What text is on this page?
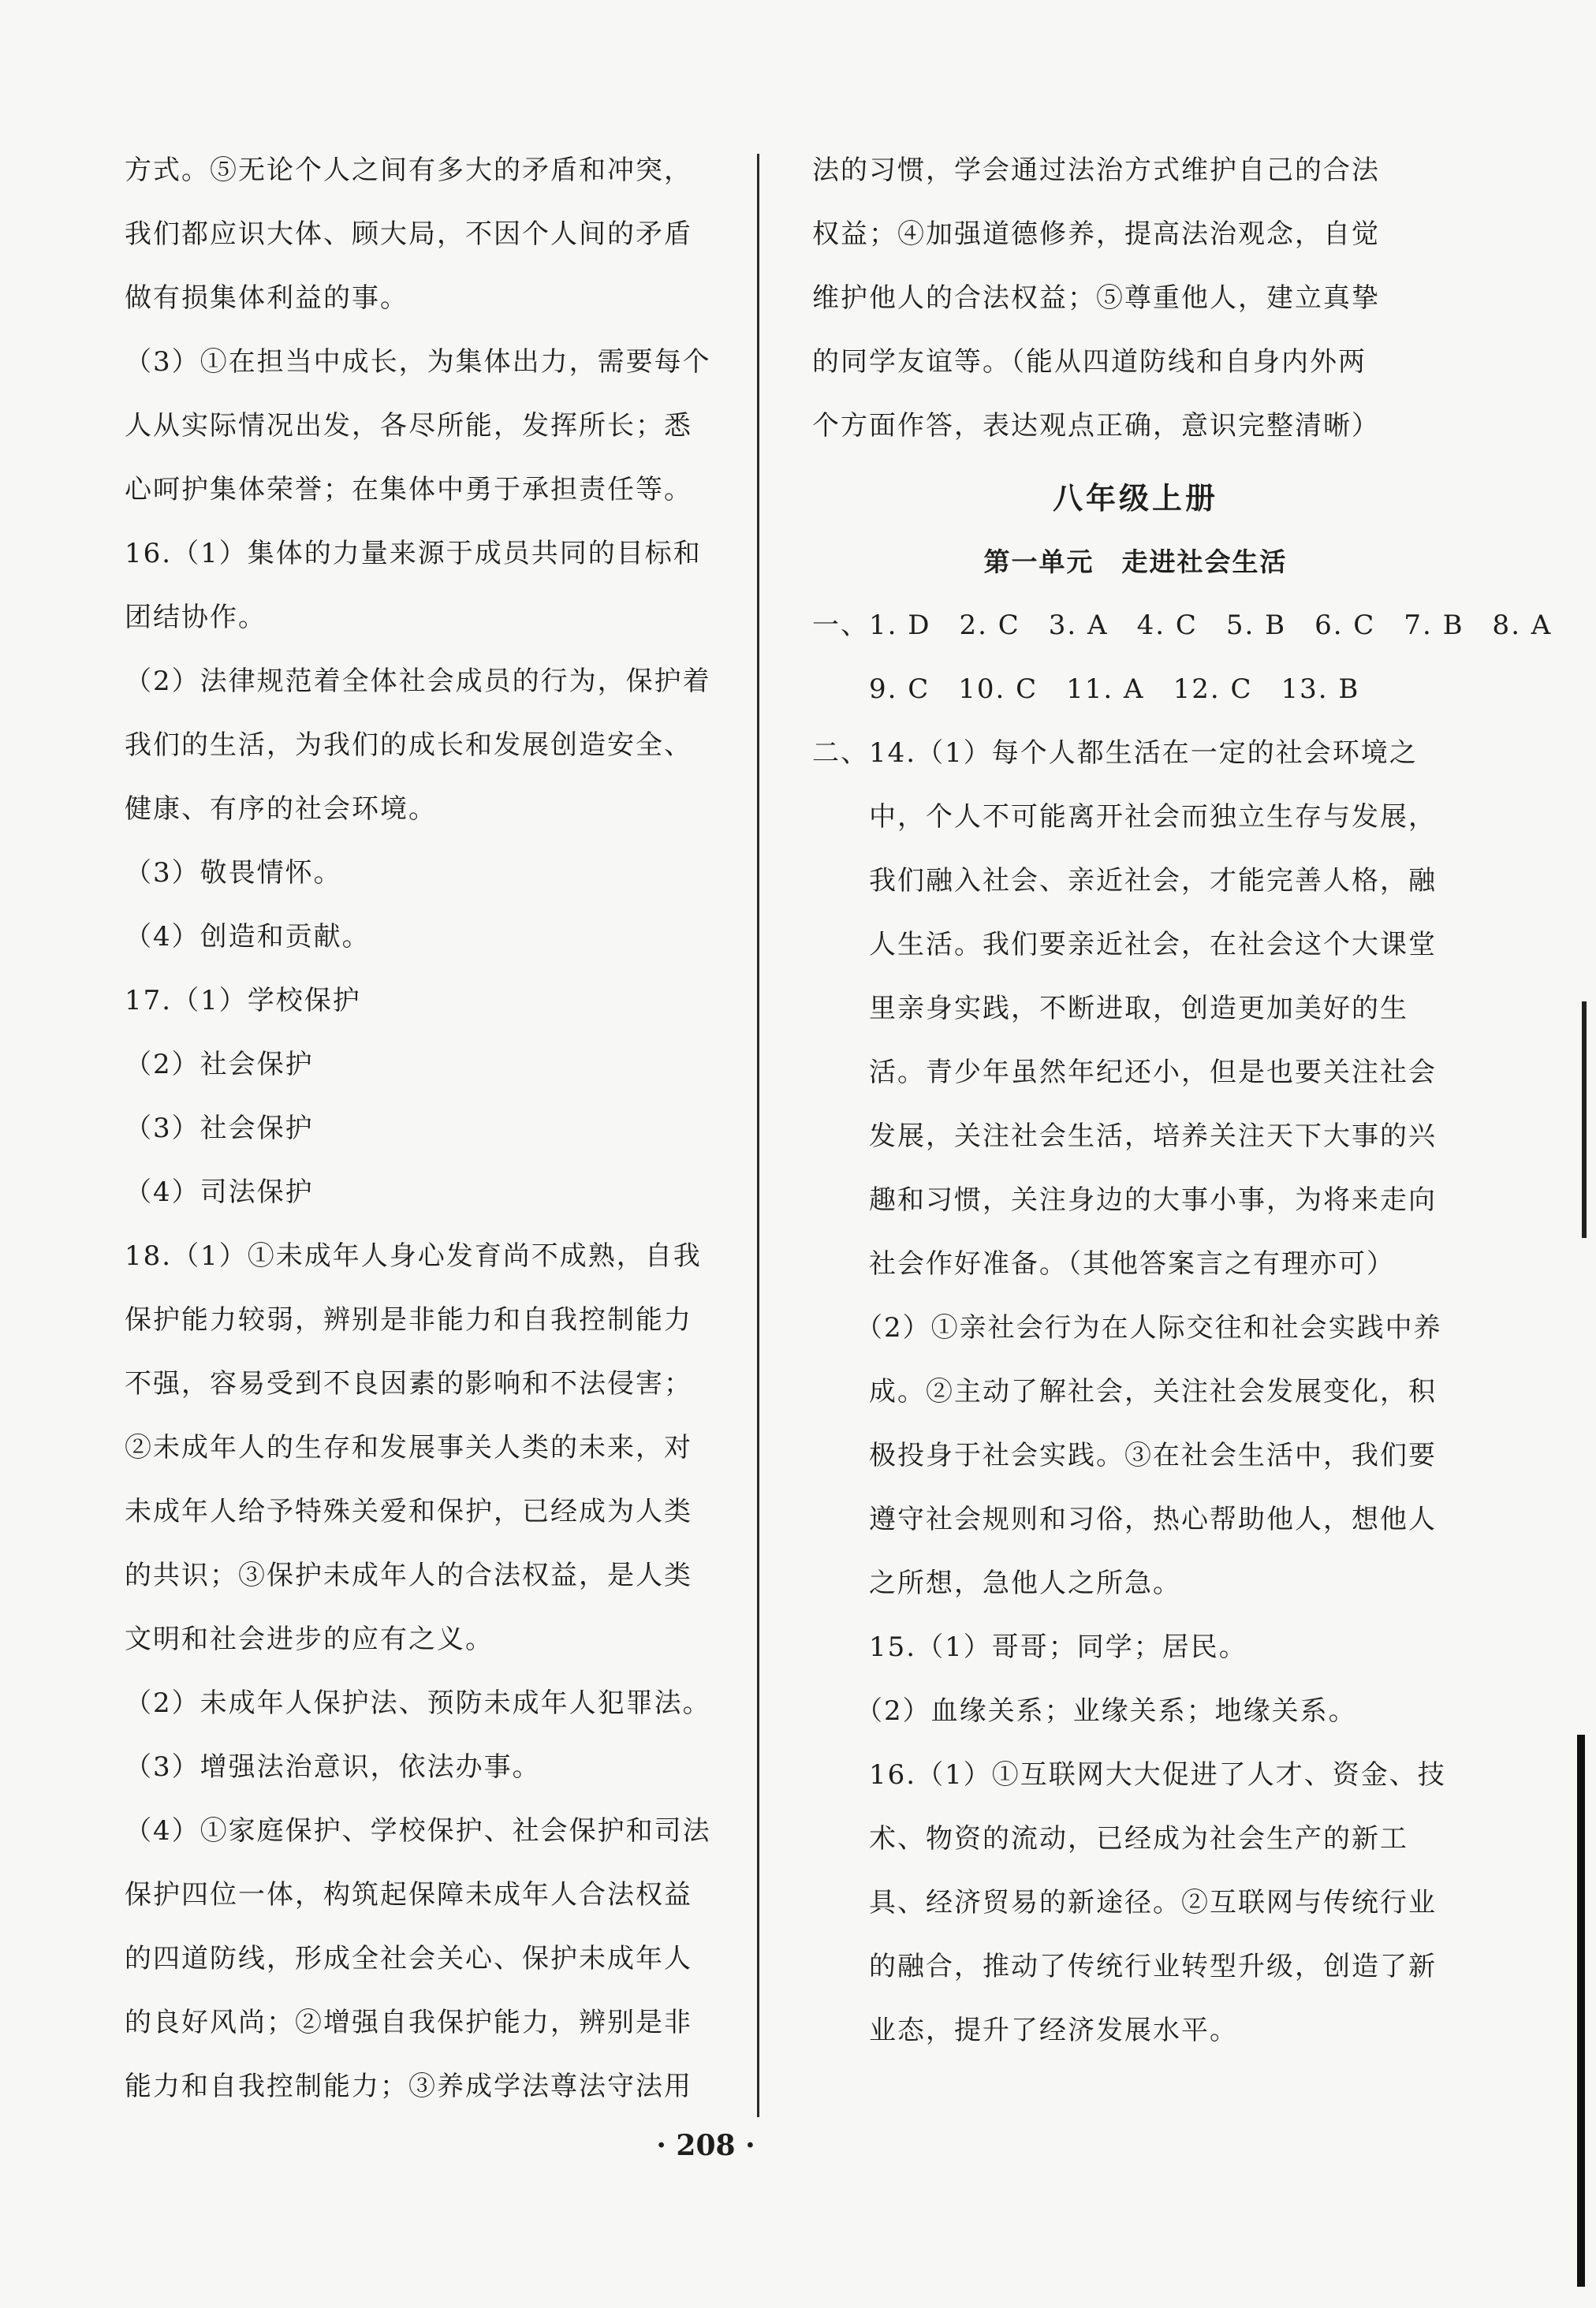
方式。⑤无论个人之间有多大的矛盾和冲突，

我们都应识大体、顾大局，不因个人间的矛盾

做有损集体利益的事。

（3）①在担当中成长，为集体出力，需要每个

人从实际情况出发，各尽所能，发挥所长；悉

心呵护集体荣誉；在集体中勇于承担责任等。

16.（1）集体的力量来源于成员共同的目标和

团结协作。

（2）法律规范着全体社会成员的行为，保护着

我们的生活，为我们的成长和发展创造安全、

健康、有序的社会环境。

（3）敬畏情怀。

（4）创造和贡献。

17.（1）学校保护

（2）社会保护

（3）社会保护

（4）司法保护

18.（1）①未成年人身心发育尚不成熟，自我

保护能力较弱，辨别是非能力和自我控制能力

不强，容易受到不良因素的影响和不法侵害；

②未成年人的生存和发展事关人类的未来，对

未成年人给予特殊关爱和保护，已经成为人类

的共识；③保护未成年人的合法权益，是人类

文明和社会进步的应有之义。

（2）未成年人保护法、预防未成年人犯罪法。

（3）增强法治意识，依法办事。

（4）①家庭保护、学校保护、社会保护和司法

保护四位一体，构筑起保障未成年人合法权益

的四道防线，形成全社会关心、保护未成年人

的良好风尚；②增强自我保护能力，辨别是非

能力和自我控制能力；③养成学法尊法守法用

法的习惯，学会通过法治方式维护自己的合法

权益；④加强道德修养，提高法治观念，自觉

维护他人的合法权益；⑤尊重他人，建立真挚

的同学友谊等。（能从四道防线和自身内外两

个方面作答，表达观点正确，意识完整清晰）

八年级上册

第一单元　走进社会生活

一、1. D　2. C　3. A　4. C　5. B　6. C　7. B　8. A

　　9. C　10. C　11. A　12. C　13. B

二、14.（1）每个人都生活在一定的社会环境之

　　中，个人不可能离开社会而独立生存与发展，

　　我们融入社会、亲近社会，才能完善人格，融

　　人生活。我们要亲近社会，在社会这个大课堂

　　里亲身实践，不断进取，创造更加美好的生

　　活。青少年虽然年纪还小，但是也要关注社会

　　发展，关注社会生活，培养关注天下大事的兴

　　趣和习惯，关注身边的大事小事，为将来走向

　　社会作好准备。（其他答案言之有理亦可）

　　（2）①亲社会行为在人际交往和社会实践中养

　　成。②主动了解社会，关注社会发展变化，积

　　极投身于社会实践。③在社会生活中，我们要

　　遵守社会规则和习俗，热心帮助他人，想他人

　　之所想，急他人之所急。

　　15.（1）哥哥；同学；居民。

　　（2）血缘关系；业缘关系；地缘关系。

　　16.（1）①互联网大大促进了人才、资金、技

　　术、物资的流动，已经成为社会生产的新工

　　具、经济贸易的新途径。②互联网与传统行业

　　的融合，推动了传统行业转型升级，创造了新

　　业态，提升了经济发展水平。

· 208 ·
